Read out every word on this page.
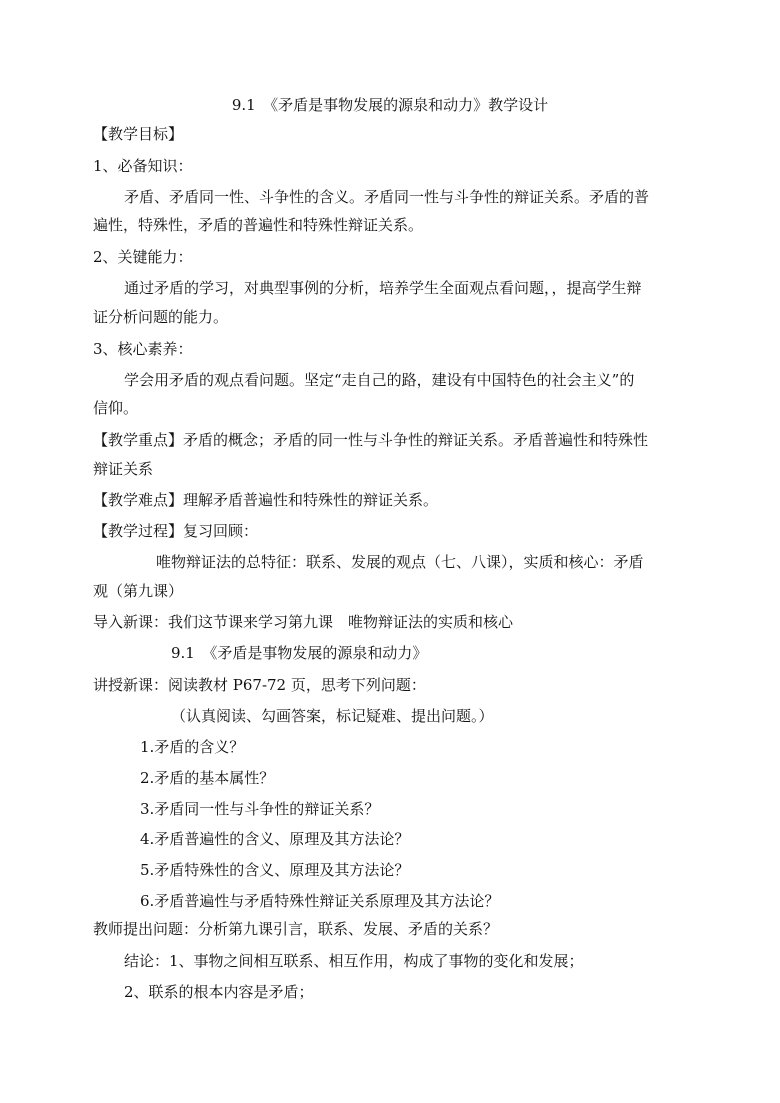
9.1　《矛盾是事物发展的源泉和动力》教学设计
【教学目标】
1、必备知识：
矛盾、矛盾同一性、斗争性的含义。矛盾同一性与斗争性的辩证关系。矛盾的普
遍性，特殊性，矛盾的普遍性和特殊性辩证关系。
2、关键能力：
通过矛盾的学习，对典型事例的分析，培养学生全面观点看问题，，提高学生辩
证分析问题的能力。
3、核心素养：
学会用矛盾的观点看问题。坚定“走自己的路，建设有中国特色的社会主义”的
信仰。
【教学重点】矛盾的概念；矛盾的同一性与斗争性的辩证关系。矛盾普遍性和特殊性
辩证关系
【教学难点】理解矛盾普遍性和特殊性的辩证关系。
【教学过程】复习回顾：
唯物辩证法的总特征：联系、发展的观点（七、八课），实质和核心：矛盾
观（第九课）
导入新课：我们这节课来学习第九课　唯物辩证法的实质和核心
9.1　《矛盾是事物发展的源泉和动力》
讲授新课：阅读教材 P67-72 页，思考下列问题：
（认真阅读、勾画答案，标记疑难、提出问题。）
1.矛盾的含义？
2.矛盾的基本属性？
3.矛盾同一性与斗争性的辩证关系？
4.矛盾普遍性的含义、原理及其方法论？
5.矛盾特殊性的含义、原理及其方法论？
6.矛盾普遍性与矛盾特殊性辩证关系原理及其方法论？
教师提出问题：分析第九课引言，联系、发展、矛盾的关系？
结论：1、事物之间相互联系、相互作用，构成了事物的变化和发展；
2、联系的根本内容是矛盾；
